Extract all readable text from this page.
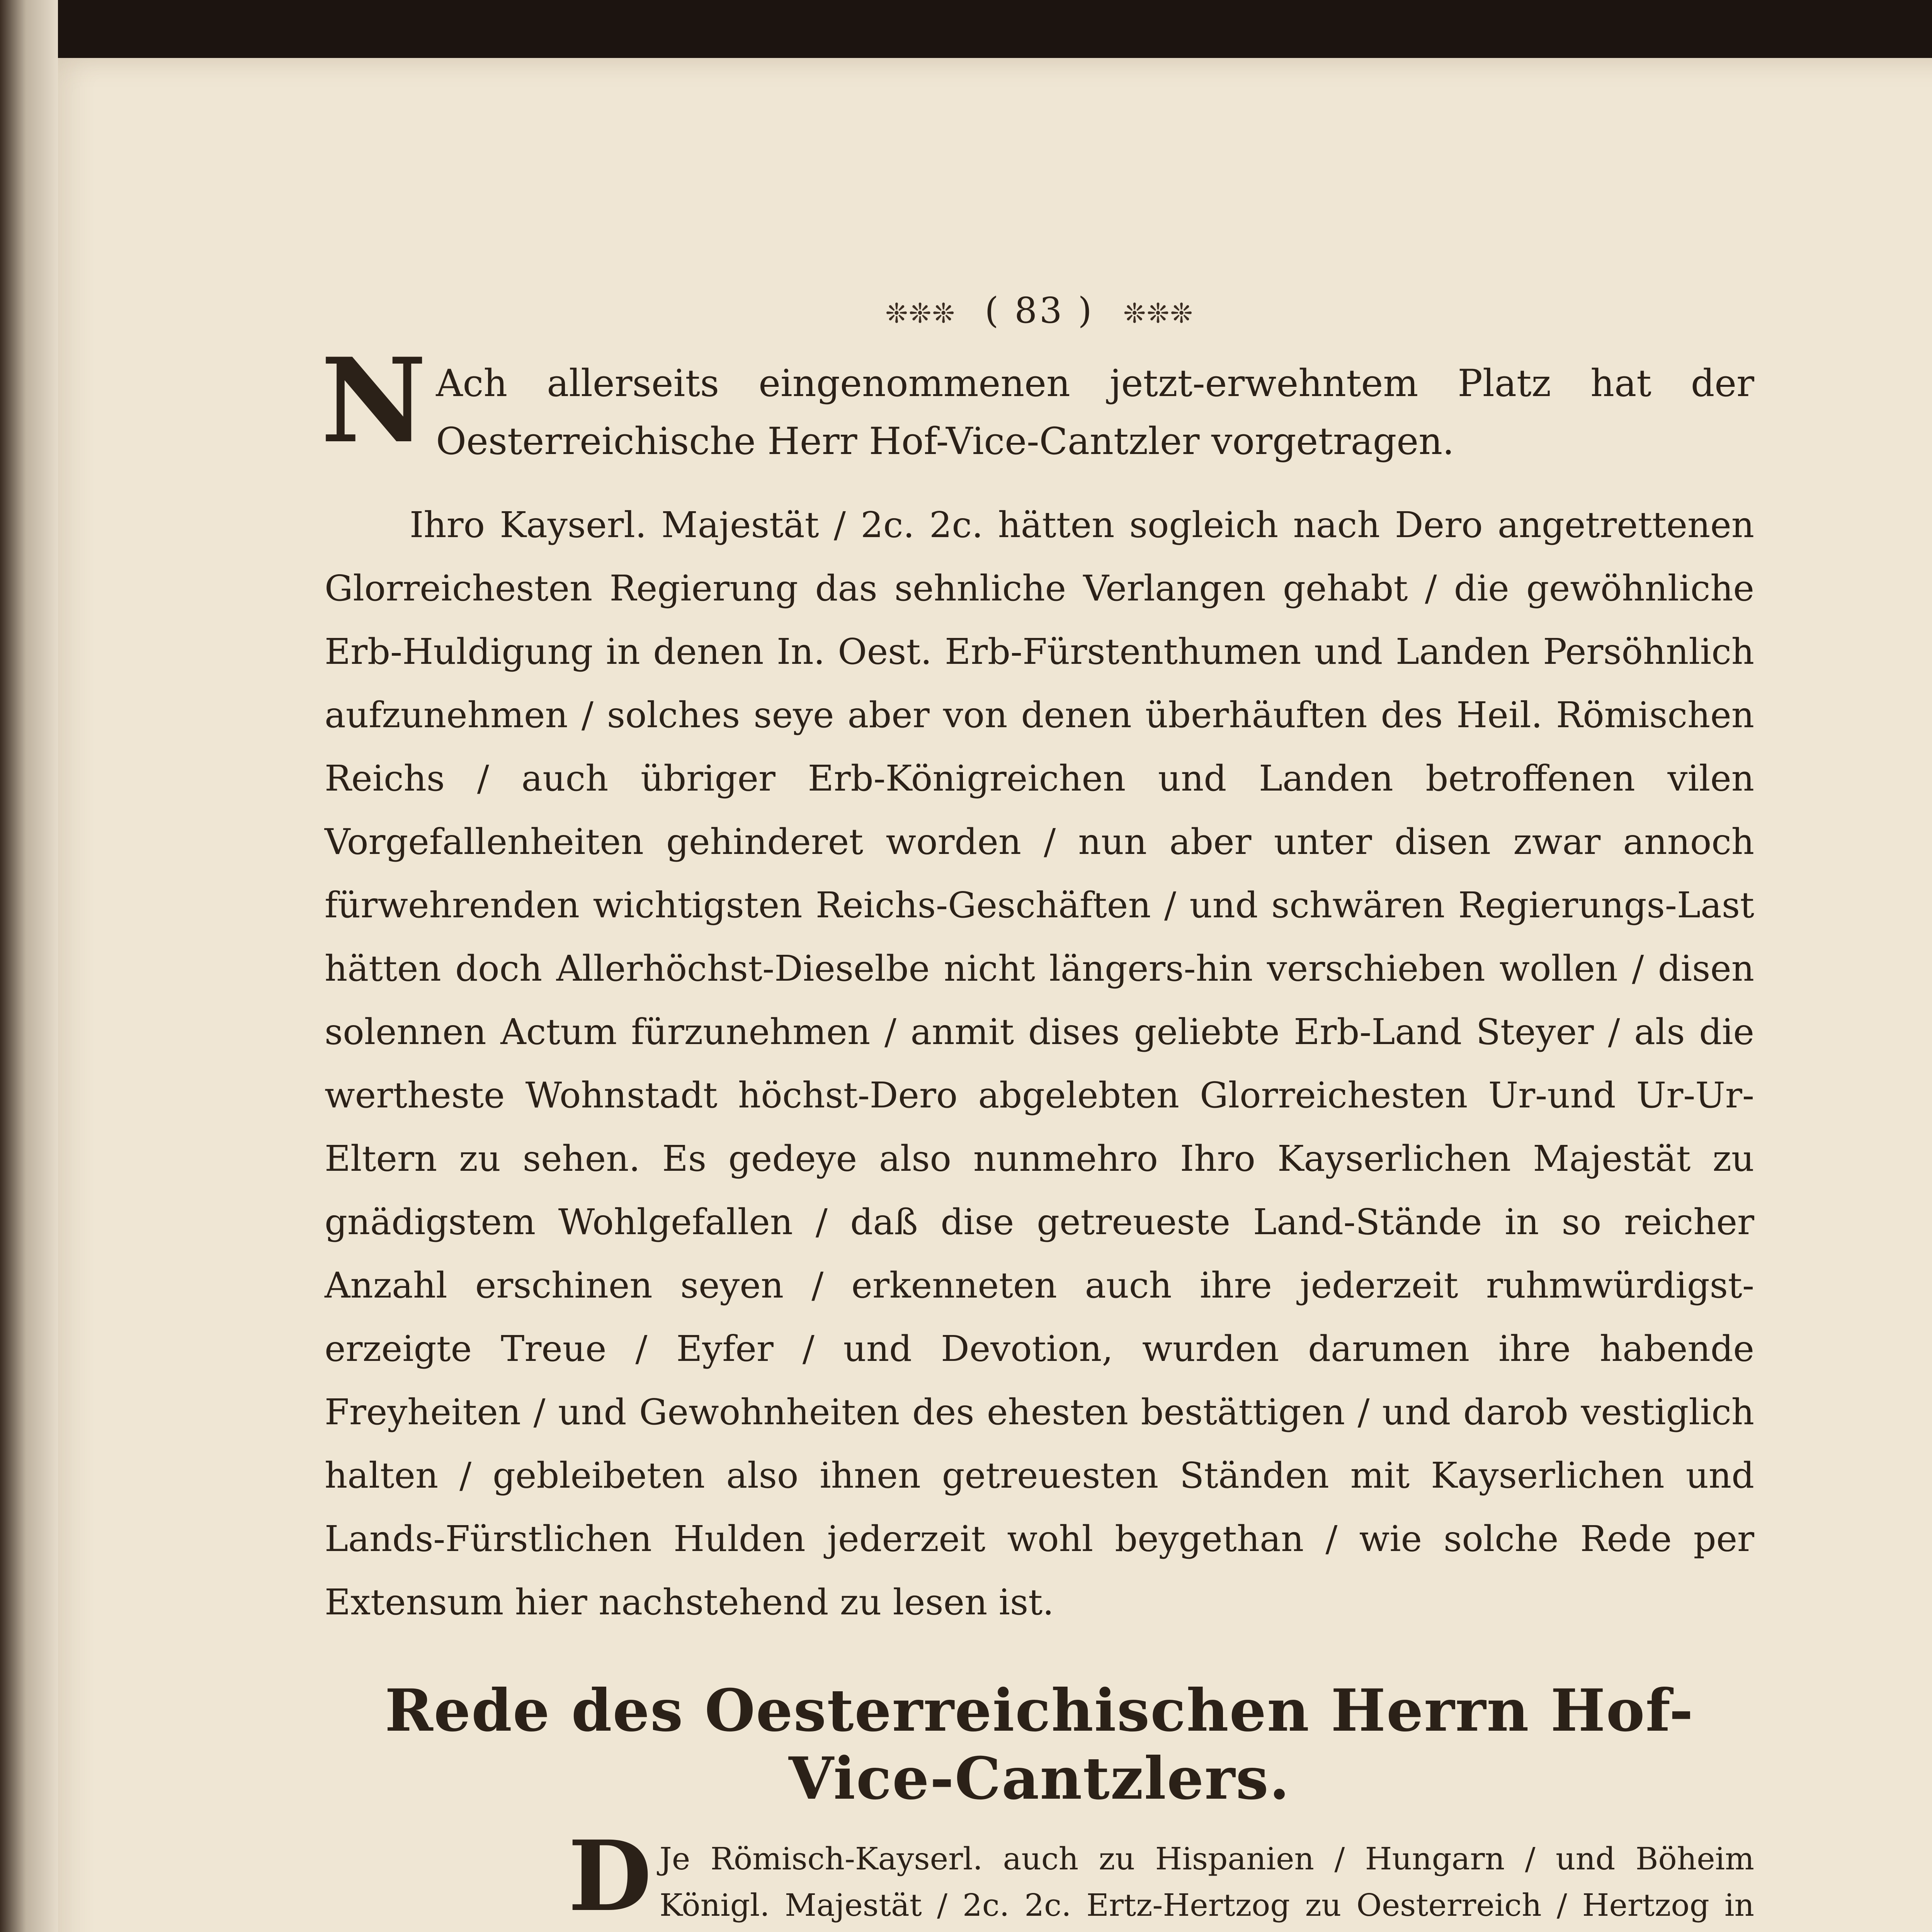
❊❊❊ ( 83 ) ❊❊❊

N Ach allerseits eingenommenen jetzt-erwehntem Platz hat der Oesterreichische Herr Hof-Vice-Cantzler vorgetragen.

Ihro Kayserl. Majestät / 2c. 2c. hätten sogleich nach Dero angetrettenen Glorreichesten Regierung das sehnliche Verlangen gehabt / die gewöhnliche Erb-Huldigung in denen In. Oest. Erb-Fürstenthumen und Landen Persöhnlich aufzunehmen / solches seye aber von denen überhäuften des Heil. Römischen Reichs / auch übriger Erb-Königreichen und Landen betroffenen vilen Vorgefallenheiten gehinderet worden / nun aber unter disen zwar annoch fürwehrenden wichtigsten Reichs-Geschäften / und schwären Regierungs-Last hätten doch Allerhöchst-Dieselbe nicht längers-hin verschieben wollen / disen solennen Actum fürzunehmen / anmit dises geliebte Erb-Land Steyer / als die wertheste Wohnstadt höchst-Dero abgelebten Glorreichesten Ur-und Ur-Ur-Eltern zu sehen. Es gedeye also nunmehro Ihro Kayserlichen Majestät zu gnädigstem Wohlgefallen / daß dise getreueste Land-Stände in so reicher Anzahl erschinen seyen / erkenneten auch ihre jederzeit ruhmwürdigst-erzeigte Treue / Eyfer / und Devotion, wurden darumen ihre habende Freyheiten / und Gewohnheiten des ehesten bestättigen / und darob vestiglich halten / gebleibeten also ihnen getreuesten Ständen mit Kayserlichen und Lands-Fürstlichen Hulden jederzeit wohl beygethan / wie solche Rede per Extensum hier nachstehend zu lesen ist.

Rede des Oesterreichischen Herrn Hof-Vice-Cantzlers.

D Je Römisch-Kayserl. auch zu Hispanien / Hungarn / und Böheim Königl. Majestät / 2c. 2c. Ertz-Hertzog zu Oesterreich / Hertzog in
